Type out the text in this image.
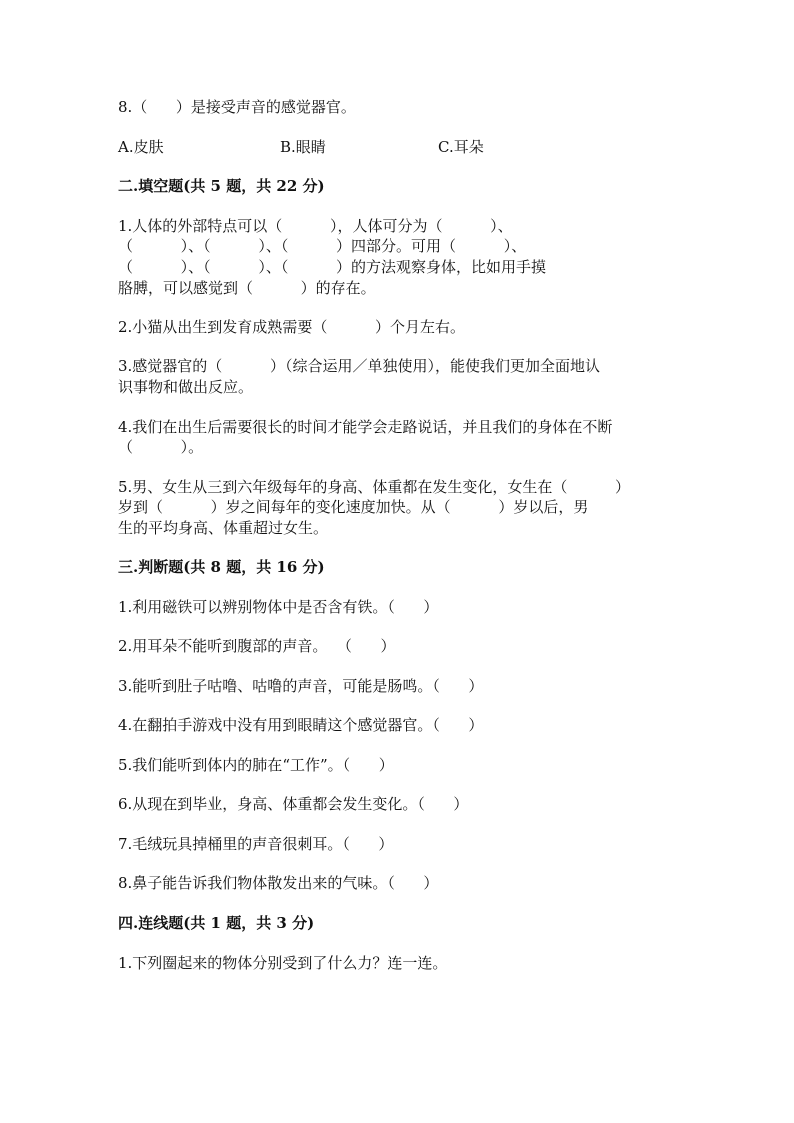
8.（      ）是接受声音的感觉器官。
A.皮肤	B.眼睛	C.耳朵
二.填空题(共 5 题，共 22 分)
1.人体的外部特点可以（          ），人体可分为（          ）、
（          ）、（          ）、（          ）四部分。可用（          ）、
（          ）、（          ）、（          ）的方法观察身体，比如用手摸
胳膊，可以感觉到（          ）的存在。
2.小猫从出生到发育成熟需要（          ）个月左右。
3.感觉器官的（          ）（综合运用／单独使用），能使我们更加全面地认
识事物和做出反应。
4.我们在出生后需要很长的时间才能学会走路说话，并且我们的身体在不断
（          ）。
5.男、女生从三到六年级每年的身高、体重都在发生变化，女生在（          ）
岁到（          ）岁之间每年的变化速度加快。从（          ）岁以后，男
生的平均身高、体重超过女生。
三.判断题(共 8 题，共 16 分)
1.利用磁铁可以辨别物体中是否含有铁。（      ）
2.用耳朵不能听到腹部的声音。  （      ）
3.能听到肚子咕噜、咕噜的声音，可能是肠鸣。（      ）
4.在翻拍手游戏中没有用到眼睛这个感觉器官。（      ）
5.我们能听到体内的肺在“工作”。（      ）
6.从现在到毕业，身高、体重都会发生变化。（      ）
7.毛绒玩具掉桶里的声音很刺耳。（      ）
8.鼻子能告诉我们物体散发出来的气味。（      ）
四.连线题(共 1 题，共 3 分)
1.下列圈起来的物体分别受到了什么力？连一连。
